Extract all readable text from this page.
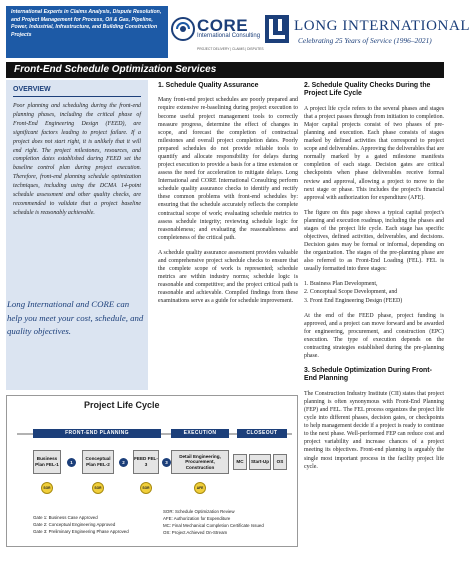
International Experts in Claims Analysis, Dispute Resolution, and Project Management for Process, Oil & Gas, Pipeline, Power, Industrial, Infrastructure, and Building Construction Projects	CORE
International Consulting
PROJECT DELIVERY | CLAIMS | DISPUTES
LONG INTERNATIONAL
Celebrating 25 Years of Service (1996–2021)
Front-End Schedule Optimization Services
OVERVIEW
Poor planning and scheduling during the front-end planning phases, including the critical phase of Front-End Engineering Design (FEED), are significant factors leading to project failure. If a project does not start right, it is unlikely that it will end right. The project milestones, resources, and completion dates established during FEED set the baseline control plan during project execution. Therefore, front-end planning schedule optimization techniques, including using the DCMA 14-point schedule assessment and other quality checks, are recommended to validate that a project baseline schedule is reasonably achievable.
Long International and CORE can help you meet your cost, schedule, and quality objectives.
1. Schedule Quality Assurance
Many front-end project schedules are poorly prepared and require extensive re-baselining during project execution to become useful project management tools to correctly measure progress, determine the effect of changes in scope, and forecast the completion of contractual milestones and overall project completion dates. Poorly prepared schedules do not provide reliable tools to quantify and allocate responsibility for delays during project execution to provide a basis for a time extension or assess the need for acceleration to mitigate delays. Long International and CORE International Consulting perform schedule quality assurance checks to identify and rectify these common problems with front-end schedules by: ensuring that the schedule accurately reflects the complete contractual scope of work; evaluating schedule metrics to assess schedule integrity; reviewing schedule logic for reasonableness; and evaluating the reasonableness and completeness of the critical path.
A schedule quality assurance assessment provides valuable and comprehensive project schedule checks to ensure that the complete scope of work is represented; schedule metrics are within industry norms; schedule logic is reasonable and competitive; and the project critical path is reasonable and achievable. Compiled findings from these examinations serve as a guide for schedule improvement.
2. Schedule Quality Checks During the Project Life Cycle
A project life cycle refers to the several phases and stages that a project passes through from initiation to completion. Major capital projects consist of two phases of pre-planning and execution. Each phase consists of stages marked by defined activities that correspond to project scope and deliverables. Approving the deliverables that are normally marked by a gated milestone manifests completion of each stage. Decision gates are critical checkpoints when phase deliverables receive formal review and approval, allowing a project to move to the next stage or phase. This includes the project's financial approval with authorization for expenditure (AFE).
The figure on this page shows a typical capital project's planning and execution roadmap, including the phases and stages of the project life cycle. Each stage has specific objectives, defined activities, deliverables, and decisions. Decision gates may be formal or informal, depending on the organization. The stages of the pre-planning phase are also referred to as Front-End Loading (FEL). FEL is usually formatted into three stages:
1. Business Plan Development,
2. Conceptual Scope Development, and
3. Front End Engineering Design (FEED)
At the end of the FEED phase, project funding is approved, and a project can move forward and be awarded for engineering, procurement, and construction (EPC) execution. The type of execution depends on the contracting strategies established during the pre-planning phase.
3. Schedule Optimization During Front-End Planning
The Construction Industry Institute (CII) states that project planning is often synonymous with Front-End Planning (FEP) and FEL. The FEL process organizes the project life cycle into different phases, decision gates, or checkpoints to help management decide if a project is ready to continue to the next phase. Well-performed FEP can reduce cost and project variability and increase chances of a project meeting its objectives. Front-end planning is arguably the single most important process in the facility project life cycle.
Project Life Cycle
FRONT-END PLANNING	EXECUTION	CLOSEOUT
Business Plan FEL-1
Conceptual Plan FEL-2
FEED FEL-3
Detail Engineering, Procurement, Construction
MC	Start-Up	OS
1	2	3
SOR	SOR	SOR	AFE
Gate 1: Business Case Approved
Gate 2: Conceptual Engineering Approved
Gate 3: Preliminary Engineering Phase Approved
SOR: Schedule Optimization Review
AFE: Authorization for Expenditure
MC: Final Mechanical Completion Certificate Issued
OS: Project Achieved On-Stream
